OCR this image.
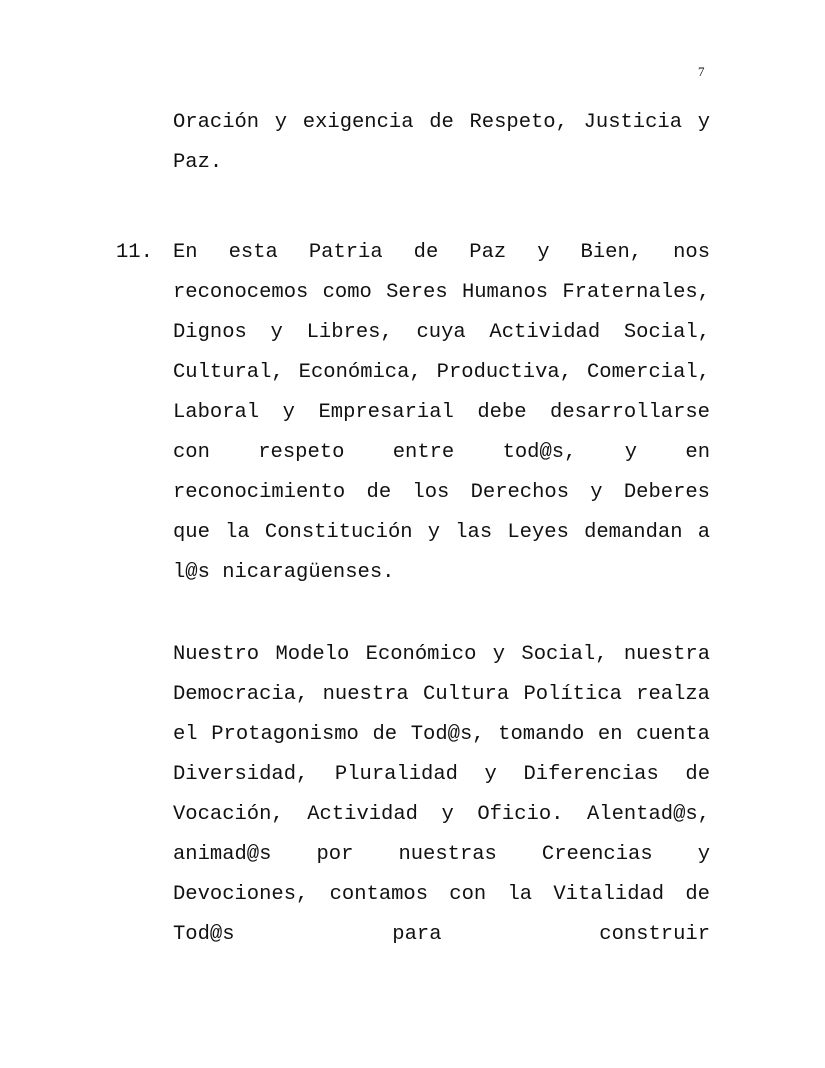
7

Oración y exigencia de Respeto, Justicia y Paz.

11. En esta Patria de Paz y Bien, nos reconocemos como Seres Humanos Fraternales, Dignos y Libres, cuya Actividad Social, Cultural, Económica, Productiva, Comercial, Laboral y Empresarial debe desarrollarse con respeto entre tod@s, y en reconocimiento de los Derechos y Deberes que la Constitución y las Leyes demandan a l@s nicaragüenses.

Nuestro Modelo Económico y Social, nuestra Democracia, nuestra Cultura Política realza el Protagonismo de Tod@s, tomando en cuenta Diversidad, Pluralidad y Diferencias de Vocación, Actividad y Oficio. Alentad@s, animad@s por nuestras Creencias y Devociones, contamos con la Vitalidad de Tod@s para construir
